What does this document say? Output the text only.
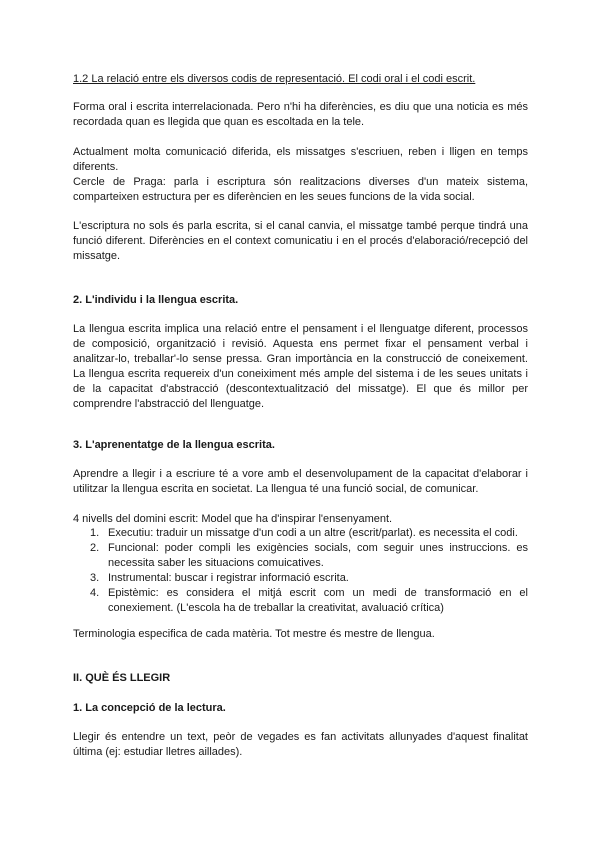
1.2 La relació entre els diversos codis de representació. El codi oral i el codi escrit.

Forma oral i escrita interrelacionada. Pero n'hi ha diferències, es diu que una noticia es més recordada quan es llegida que quan es escoltada en la tele.

Actualment molta comunicació diferida, els missatges s'escriuen, reben i lligen en temps diferents.

Cercle de Praga: parla i escriptura són realitzacions diverses d'un mateix sistema, comparteixen estructura per es diferèncien en les seues funcions de la vida social.

L'escriptura no sols és parla escrita, si el canal canvia, el missatge també perque tindrá una funció diferent. Diferències en el context comunicatiu i en el procés d'elaboració/recepció del missatge.

2. L'individu i la llengua escrita.

La llengua escrita implica una relació entre el pensament i el llenguatge diferent, processos de composició, organització i revisió. Aquesta ens permet fixar el pensament verbal i analitzar-lo, treballar'-lo sense pressa. Gran importància en la construcció de coneixement. La llengua escrita requereix d'un coneiximent més ample del sistema i de les seues unitats i de la capacitat d'abstracció (descontextualització del missatge). El que és millor per comprendre l'abstracció del llenguatge.

3. L'aprenentatge de la llengua escrita.

Aprendre a llegir i a escriure té a vore amb el desenvolupament de la capacitat d'elaborar i utilitzar la llengua escrita en societat. La llengua té una funció social, de comunicar.

4 nivells del domini escrit: Model que ha d'inspirar l'ensenyament.

1. Executiu: traduir un missatge d'un codi a un altre (escrit/parlat). es necessita el codi.
2. Funcional: poder compli les exigències socials, com seguir unes instruccions. es necessita saber les situacions comuicatives.
3. Instrumental: buscar i registrar informació escrita.
4. Epistèmic: es considera el mitjá escrit com un medi de transformació en el conexiement. (L'escola ha de treballar la creativitat, avaluació crítica)

Terminologia especifica de cada matèria. Tot mestre és mestre de llengua.

II. QUÈ ÉS LLEGIR

1. La concepció de la lectura.

Llegir és entendre un text, peòr de vegades es fan activitats allunyades d'aquest finalitat última (ej: estudiar lletres aillades).
